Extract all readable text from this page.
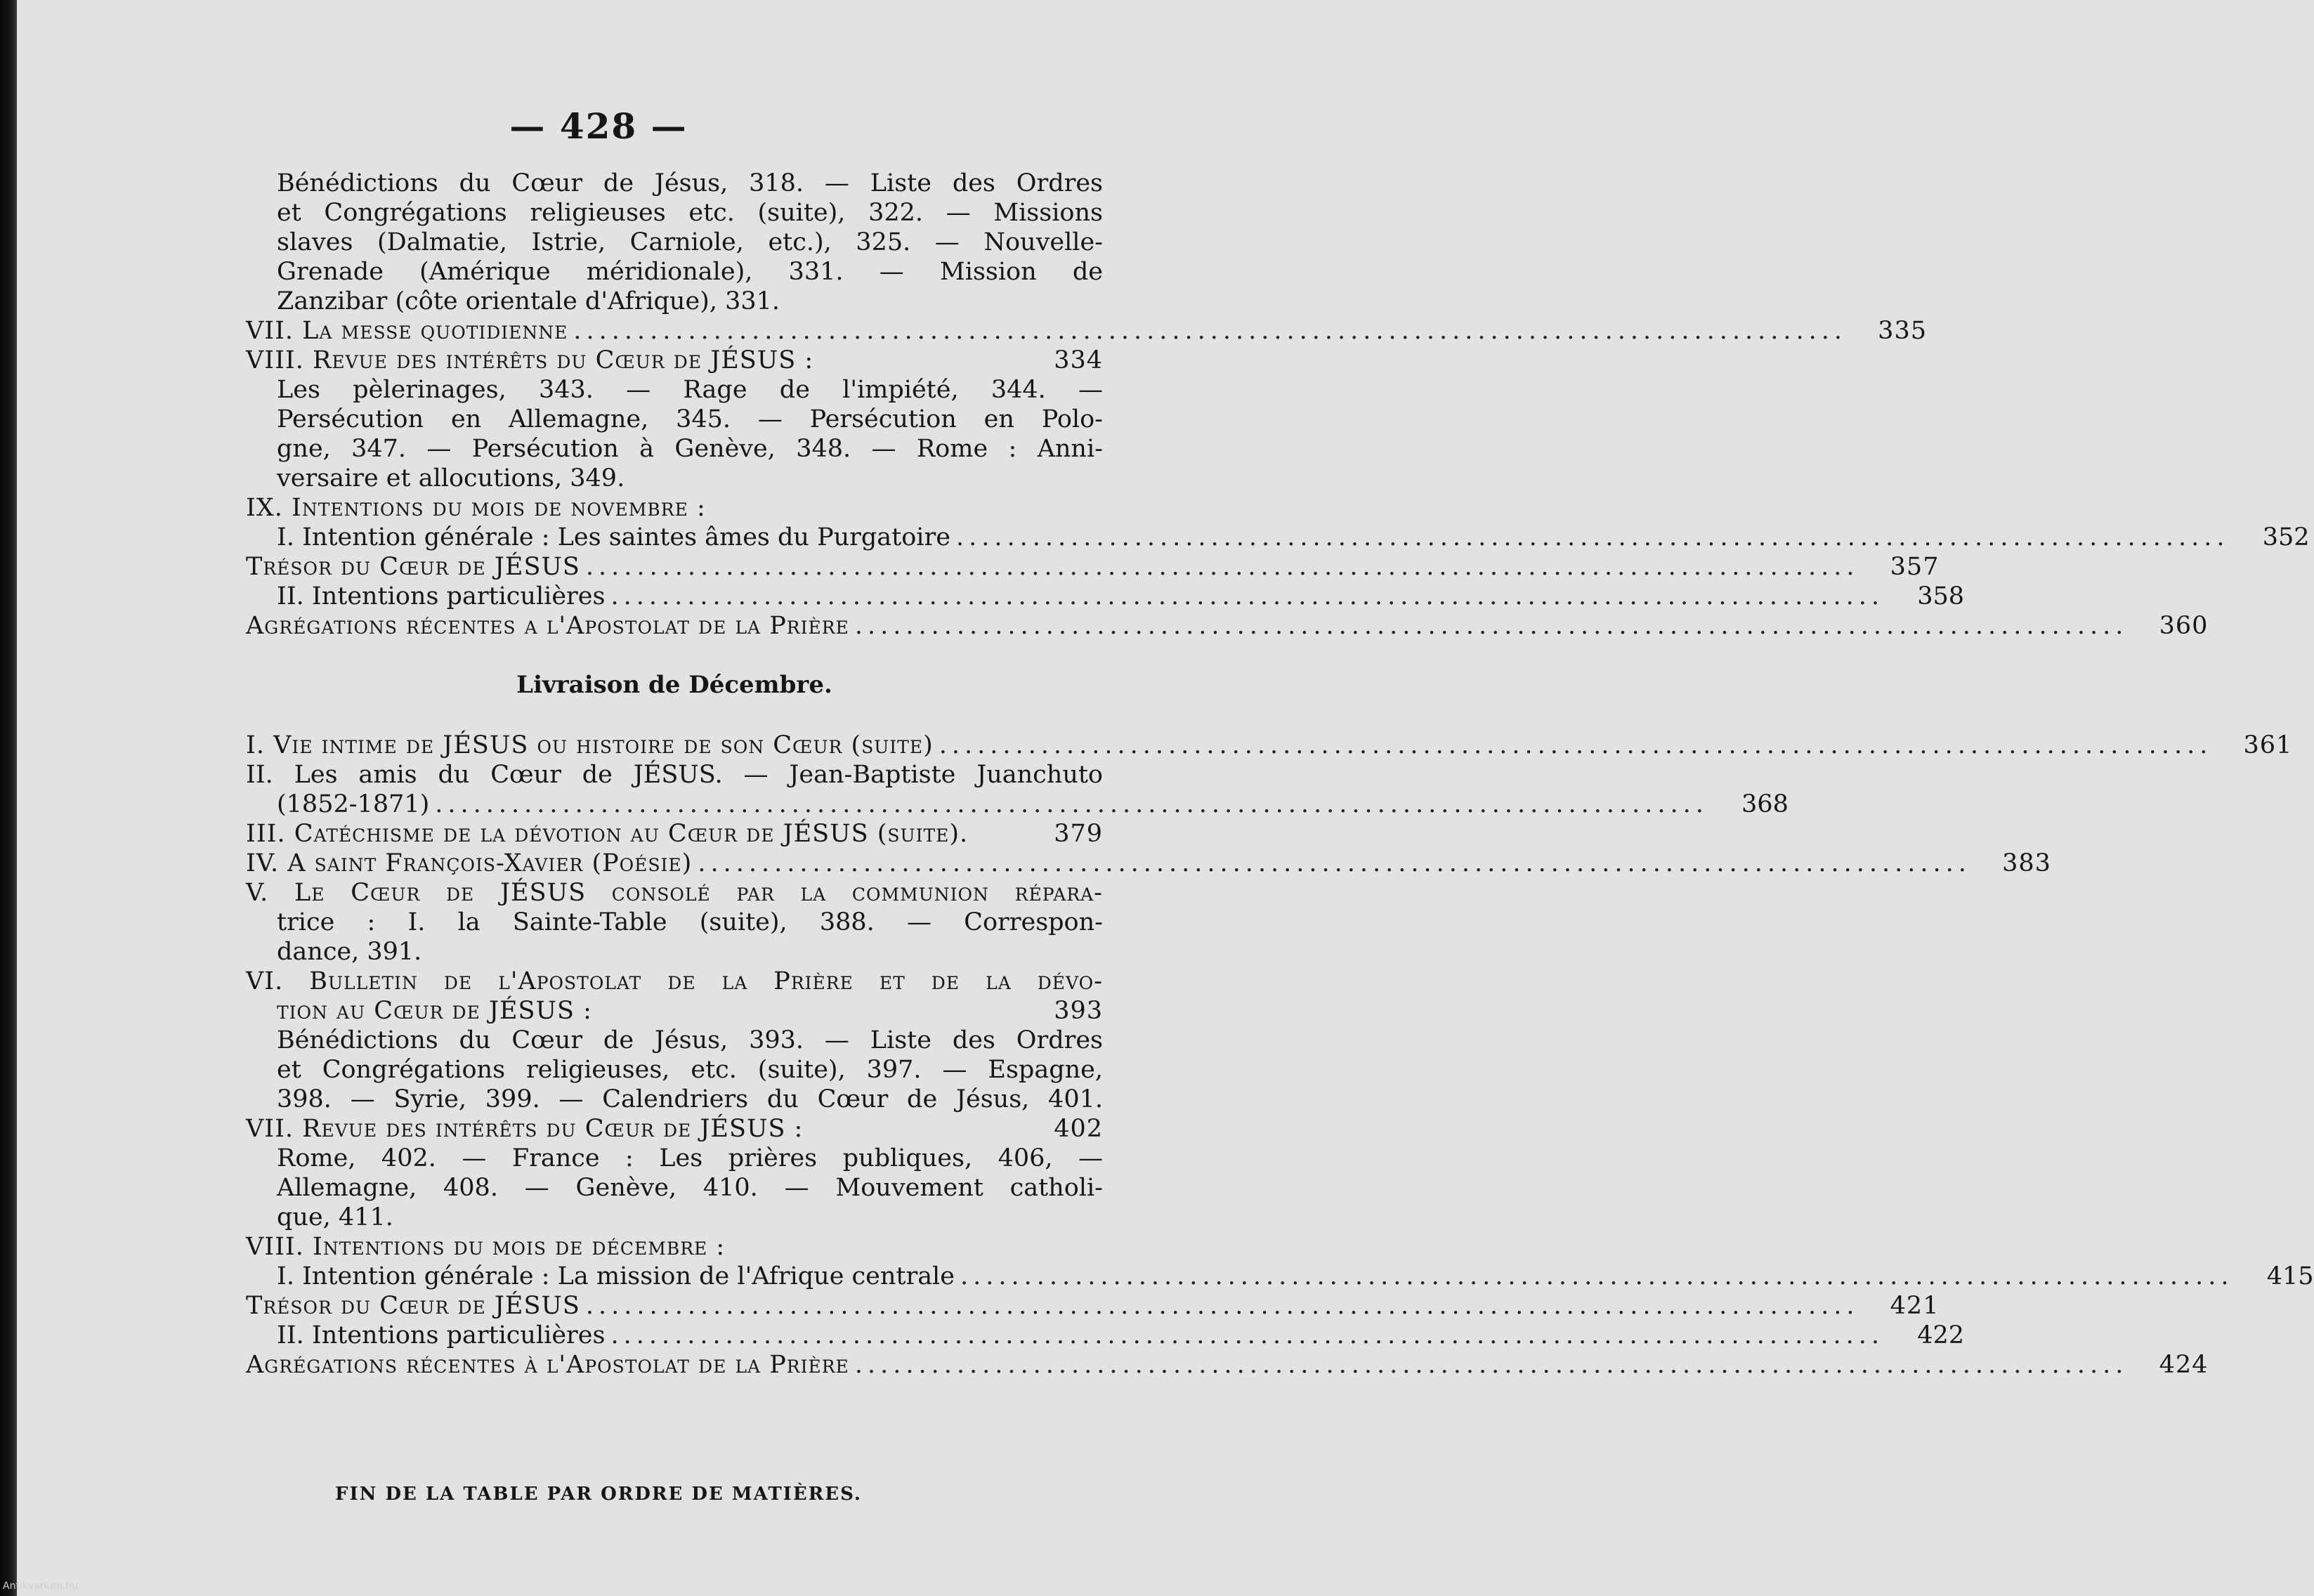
— 428 —
Bénédictions du Cœur de Jésus, 318. — Liste des Ordres
et Congrégations religieuses etc. (suite), 322. — Missions
slaves (Dalmatie, Istrie, Carniole, etc.), 325. — Nouvelle-
Grenade (Amérique méridionale), 331. — Mission de
Zanzibar (côte orientale d'Afrique), 331.
VII. La messe quotidienne ....................................................................................................	335
VIII. Revue des intérêts du Cœur de JÉSUS :	334
Les pèlerinages, 343. — Rage de l'impiété, 344. —
Persécution en Allemagne, 345. — Persécution en Polo-
gne, 347. — Persécution à Genève, 348. — Rome : Anni-
versaire et allocutions, 349.
IX. Intentions du mois de novembre :
I. Intention générale : Les saintes âmes du Purgatoire ....................................................................................................	352
Trésor du Cœur de JÉSUS ....................................................................................................	357
II. Intentions particulières ....................................................................................................	358
Agrégations récentes a l'Apostolat de la Prière ....................................................................................................	360
Livraison de Décembre.
I. Vie intime de JÉSUS ou histoire de son Cœur (suite) ....................................................................................................	361
II. Les amis du Cœur de JÉSUS. — Jean-Baptiste Juanchuto
(1852-1871) ....................................................................................................	368
III. Catéchisme de la dévotion au Cœur de JÉSUS (suite).	379
IV. A saint François-Xavier (Poésie) ....................................................................................................	383
V. Le Cœur de JÉSUS consolé par la communion répara-
trice : I. la Sainte-Table (suite), 388. — Correspon-
dance, 391.
VI. Bulletin de l'Apostolat de la Prière et de la dévo-
tion au Cœur de JÉSUS :	393
Bénédictions du Cœur de Jésus, 393. — Liste des Ordres
et Congrégations religieuses, etc. (suite), 397. — Espagne,
398. — Syrie, 399. — Calendriers du Cœur de Jésus, 401.
VII. Revue des intérêts du Cœur de JÉSUS :	402
Rome, 402. — France : Les prières publiques, 406, —
Allemagne, 408. — Genève, 410. — Mouvement catholi-
que, 411.
VIII. Intentions du mois de décembre :
I. Intention générale : La mission de l'Afrique centrale ....................................................................................................	415
Trésor du Cœur de JÉSUS ....................................................................................................	421
II. Intentions particulières ....................................................................................................	422
Agrégations récentes à l'Apostolat de la Prière ....................................................................................................	424
FIN DE LA TABLE PAR ORDRE DE MATIÈRES.
Antikvarium.hu
